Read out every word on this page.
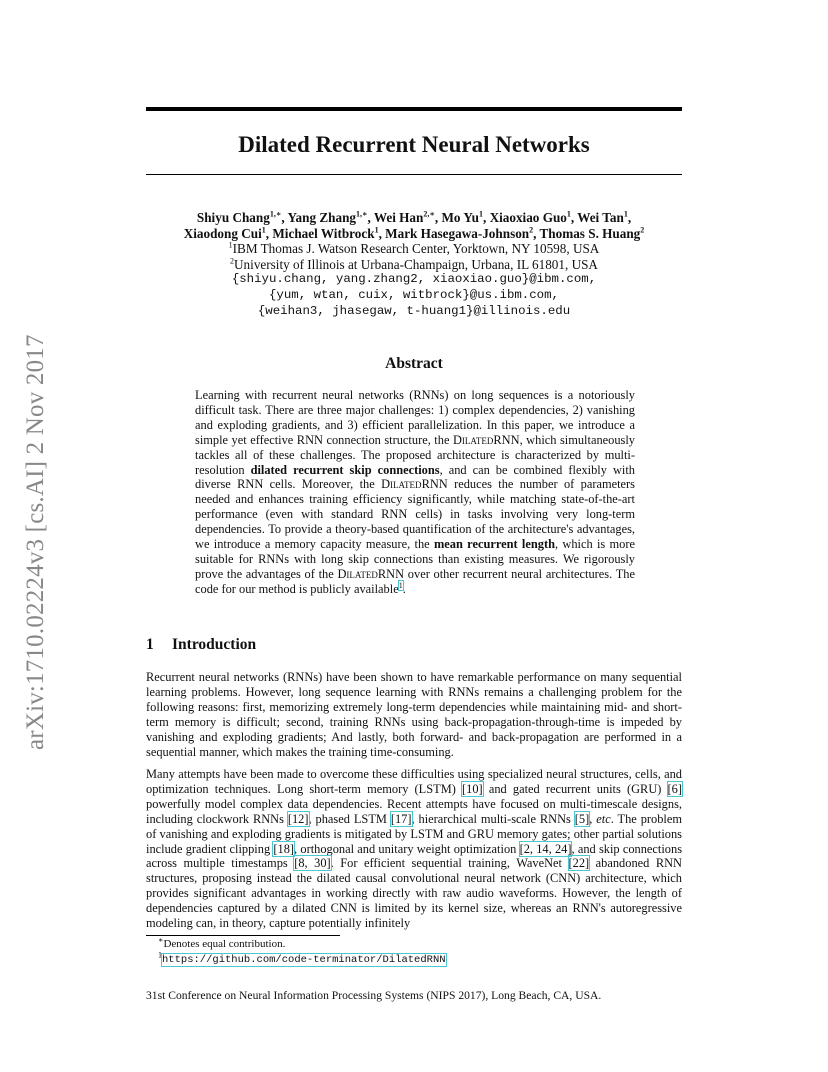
Dilated Recurrent Neural Networks
arXiv:1710.02224v3 [cs.AI] 2 Nov 2017
Shiyu Chang$^{1,∗}$, Yang Zhang$^{1,∗}$, Wei Han$^{2,∗}$, Mo Yu$^1$, Xiaoxiao Guo$^1$, Wei Tan$^1$,
Xiaodong Cui$^1$, Michael Witbrock$^1$, Mark Hasegawa-Johnson$^2$, Thomas S. Huang$^2$
$^1$IBM Thomas J. Watson Research Center, Yorktown, NY 10598, USA
$^2$University of Illinois at Urbana-Champaign, Urbana, IL 61801, USA
{shiyu.chang, yang.zhang2, xiaoxiao.guo}@ibm.com,
{yum, wtan, cuix, witbrock}@us.ibm.com,
{weihan3, jhasegaw, t-huang1}@illinois.edu
Abstract
Learning with recurrent neural networks (RNNs) on long sequences is a notoriously difficult task. There are three major challenges: 1) complex dependencies, 2) vanishing and exploding gradients, and 3) efficient parallelization. In this paper, we introduce a simple yet effective RNN connection structure, the DilatedRNN, which simultaneously tackles all of these challenges. The proposed architecture is characterized by multi-resolution dilated recurrent skip connections, and can be combined flexibly with diverse RNN cells. Moreover, the DilatedRNN reduces the number of parameters needed and enhances training efficiency significantly, while matching state-of-the-art performance (even with standard RNN cells) in tasks involving very long-term dependencies. To provide a theory-based quantification of the architecture's advantages, we introduce a memory capacity measure, the mean recurrent length, which is more suitable for RNNs with long skip connections than existing measures. We rigorously prove the advantages of the DilatedRNN over other recurrent neural architectures. The code for our method is publicly available$^1$.
1 Introduction
Recurrent neural networks (RNNs) have been shown to have remarkable performance on many sequential learning problems. However, long sequence learning with RNNs remains a challenging problem for the following reasons: first, memorizing extremely long-term dependencies while maintaining mid- and short-term memory is difficult; second, training RNNs using back-propagation-through-time is impeded by vanishing and exploding gradients; And lastly, both forward- and back-propagation are performed in a sequential manner, which makes the training time-consuming.
Many attempts have been made to overcome these difficulties using specialized neural structures, cells, and optimization techniques. Long short-term memory (LSTM) [10] and gated recurrent units (GRU) [6] powerfully model complex data dependencies. Recent attempts have focused on multi-timescale designs, including clockwork RNNs [12], phased LSTM [17], hierarchical multi-scale RNNs [5], etc. The problem of vanishing and exploding gradients is mitigated by LSTM and GRU memory gates; other partial solutions include gradient clipping [18], orthogonal and unitary weight optimization [2, 14, 24], and skip connections across multiple timestamps [8, 30]. For efficient sequential training, WaveNet [22] abandoned RNN structures, proposing instead the dilated causal convolutional neural network (CNN) architecture, which provides significant advantages in working directly with raw audio waveforms. However, the length of dependencies captured by a dilated CNN is limited by its kernel size, whereas an RNN's autoregressive modeling can, in theory, capture potentially infinitely
∗Denotes equal contribution.
$^1$https://github.com/code-terminator/DilatedRNN
31st Conference on Neural Information Processing Systems (NIPS 2017), Long Beach, CA, USA.
